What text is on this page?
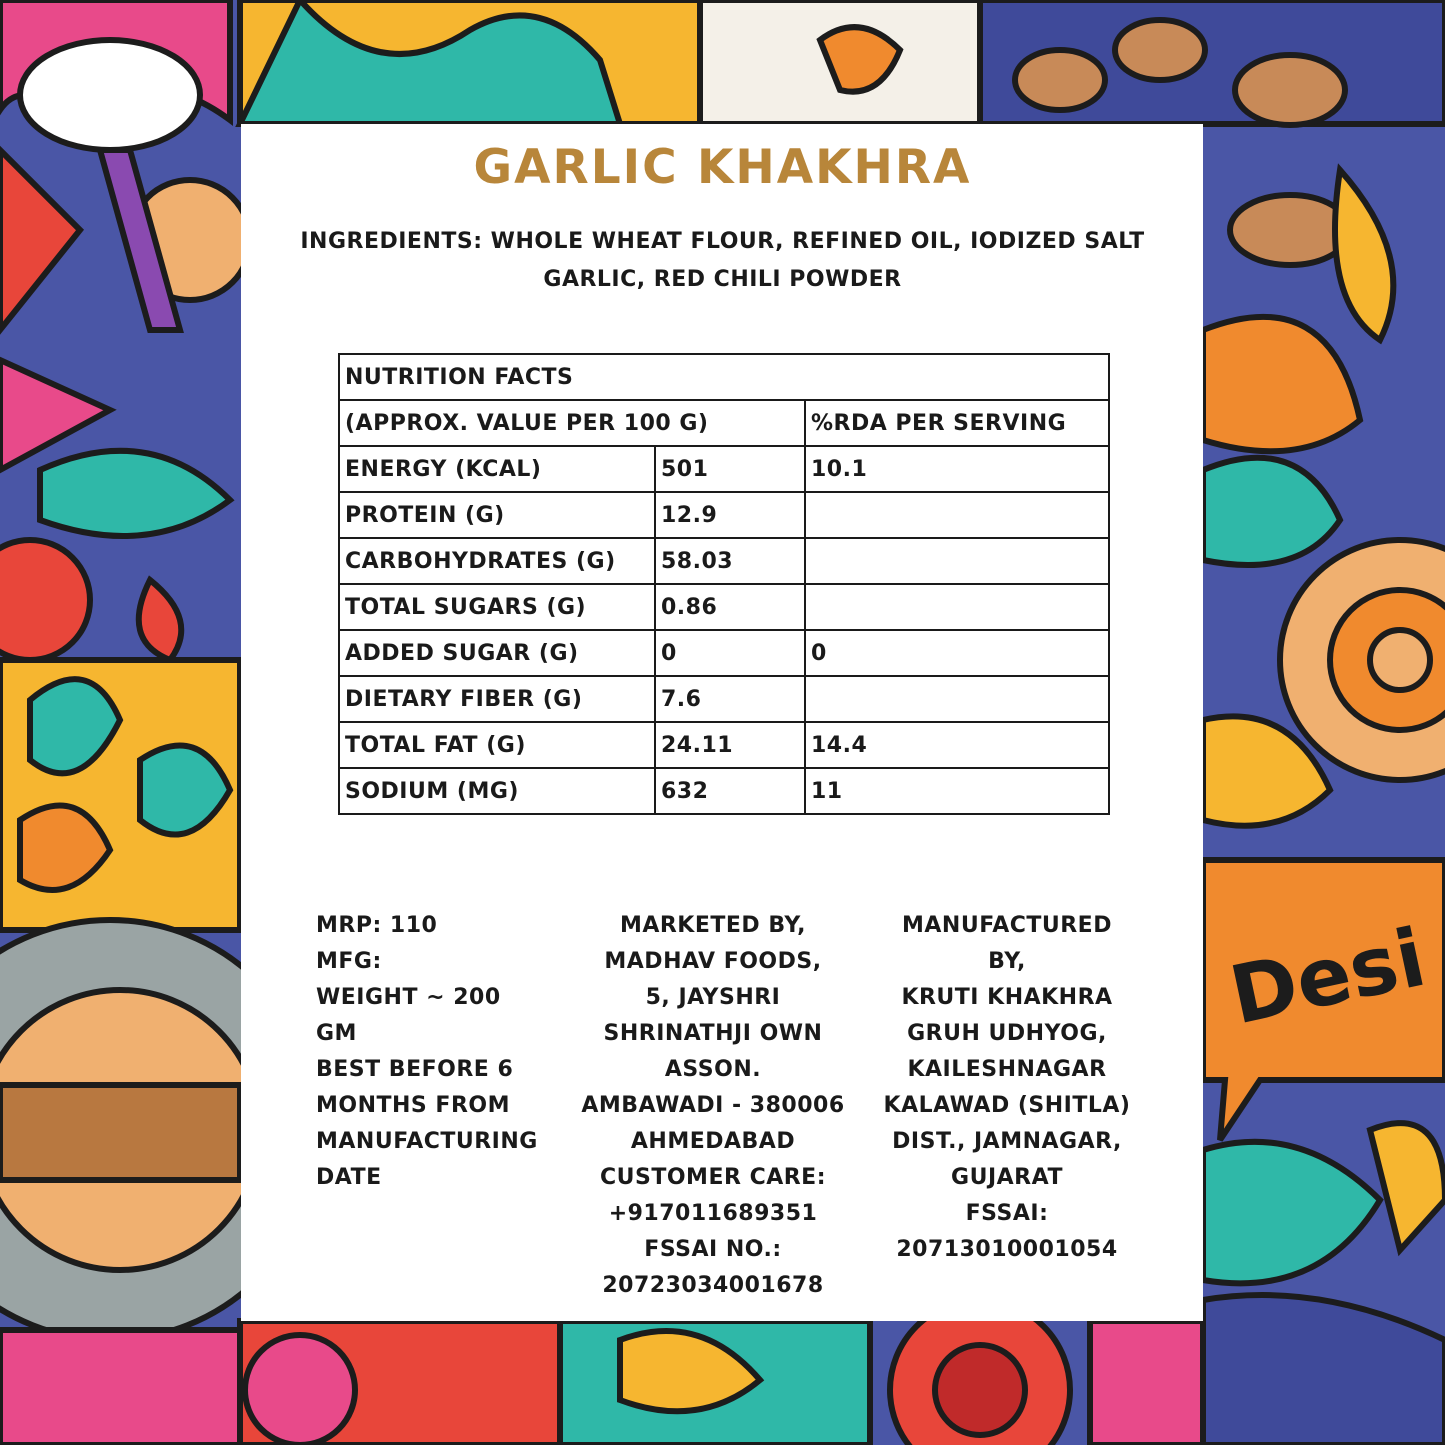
Desi
GARLIC KHAKHRA
INGREDIENTS: WHOLE WHEAT FLOUR, REFINED OIL, IODIZED SALT
GARLIC, RED CHILI POWDER
NUTRITION FACTS		
(APPROX. VALUE PER 100 G)		%RDA PER SERVING
ENERGY (KCAL)	501	10.1
PROTEIN (G)	12.9	
CARBOHYDRATES (G)	58.03	
TOTAL SUGARS (G)	0.86	
ADDED SUGAR (G)	0	0
DIETARY FIBER (G)	7.6	
TOTAL FAT (G)	24.11	14.4
SODIUM (MG)	632	11
MRP: 110
MFG:
WEIGHT ~ 200
GM
BEST BEFORE 6
MONTHS FROM
MANUFACTURING
DATE
MARKETED BY,
MADHAV FOODS,
5, JAYSHRI
SHRINATHJI OWN
ASSON.
AMBAWADI - 380006
AHMEDABAD
CUSTOMER CARE:
+917011689351
FSSAI NO.:
20723034001678
MANUFACTURED
BY,
KRUTI KHAKHRA
GRUH UDHYOG,
KAILESHNAGAR
KALAWAD (SHITLA)
DIST., JAMNAGAR,
GUJARAT
FSSAI:
20713010001054
